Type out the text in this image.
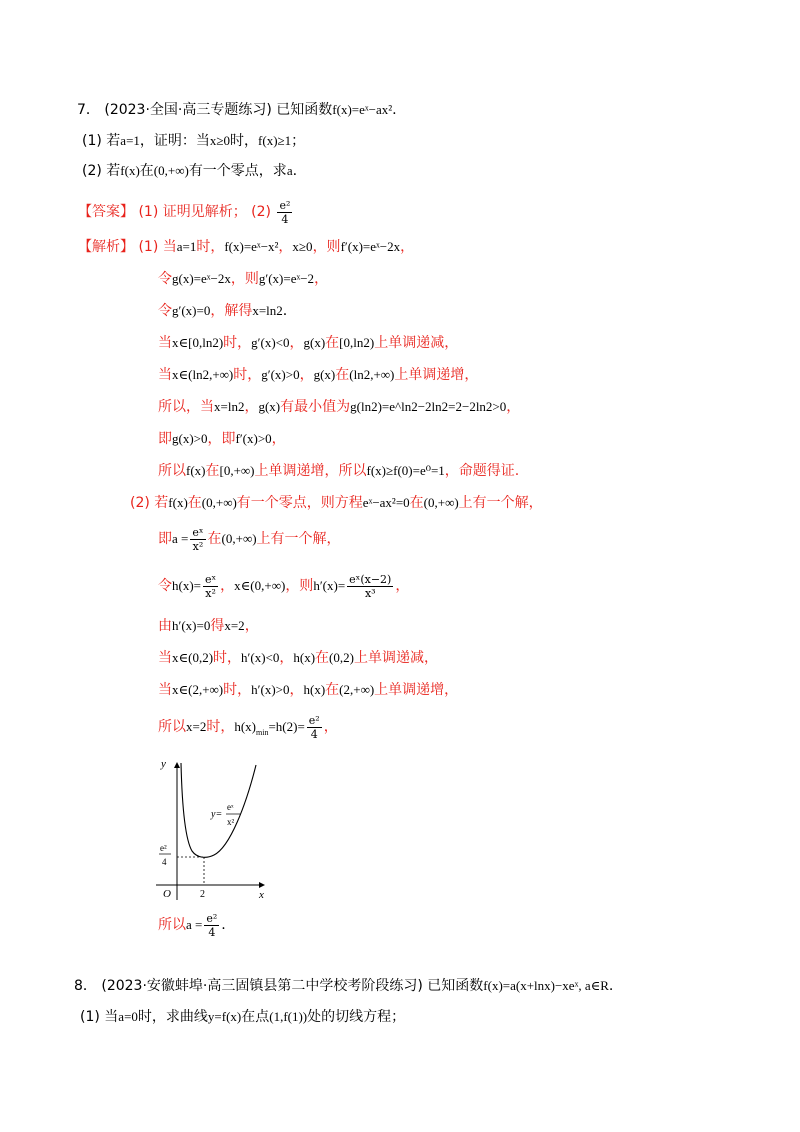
7． (2023·全国·高三专题练习) 已知函数f(x)=eˣ−ax².
(1) 若a=1，证明：当x≥0时，f(x)≥1；
(2) 若f(x)在(0,+∞)有一个零点，求a.
【答案】 (1) 证明见解析； $(2) \frac{\text{e²}}{4}$
【解析】 (1) 当a=1时，f(x)=eˣ−x²，x≥0，则f′(x)=eˣ−2x，
令g(x)=eˣ−2x，则g′(x)=eˣ−2，
令g′(x)=0，解得x=ln2.
当x∈[0,ln2)时，g′(x)<0，g(x)在[0,ln2)上单调递减，
当x∈(ln2,+∞)时，g′(x)>0，g(x)在(ln2,+∞)上单调递增，
所以，当x=ln2，g(x)有最小值为g(ln2)=e^ln2−2ln2=2−2ln2>0，
即g(x)>0，即f′(x)>0，
所以f(x)在[0,+∞)上单调递增，所以f(x)≥f(0)=e⁰=1，命题得证.
(2) 若f(x)在(0,+∞)有一个零点，则方程eˣ−ax²=0在(0,+∞)上有一个解，
即$a = \frac{\text{eˣ}}{\text{x²}}$ 在(0,+∞)上有一个解，
令$h(x)= \frac{\text{eˣ}}{\text{x²}}$ ，x∈(0,+∞)，则$h'(x)= \frac{\text{eˣ(x−2)}}{\text{x³}}$ ，
由h′(x)=0得x=2，
当x∈(0,2)时，h′(x)<0，h(x)在(0,2)上单调递减，
当x∈(2,+∞)时，h′(x)>0，h(x)在(2,+∞)上单调递增，
所以x=2时，$h(x)_{min}=h(2)= \frac{\text{e²}}{4}$ ，
y
x
O	2
e²
4
y=
eˣ
x²
所以$a = \frac{\text{e²}}{4}$ .
8． (2023·安徽蚌埠·高三固镇县第二中学校考阶段练习) 已知函数f(x)=a(x+lnx)−xeˣ, a∈R.
(1) 当a=0时，求曲线y=f(x)在点(1,f(1))处的切线方程；
